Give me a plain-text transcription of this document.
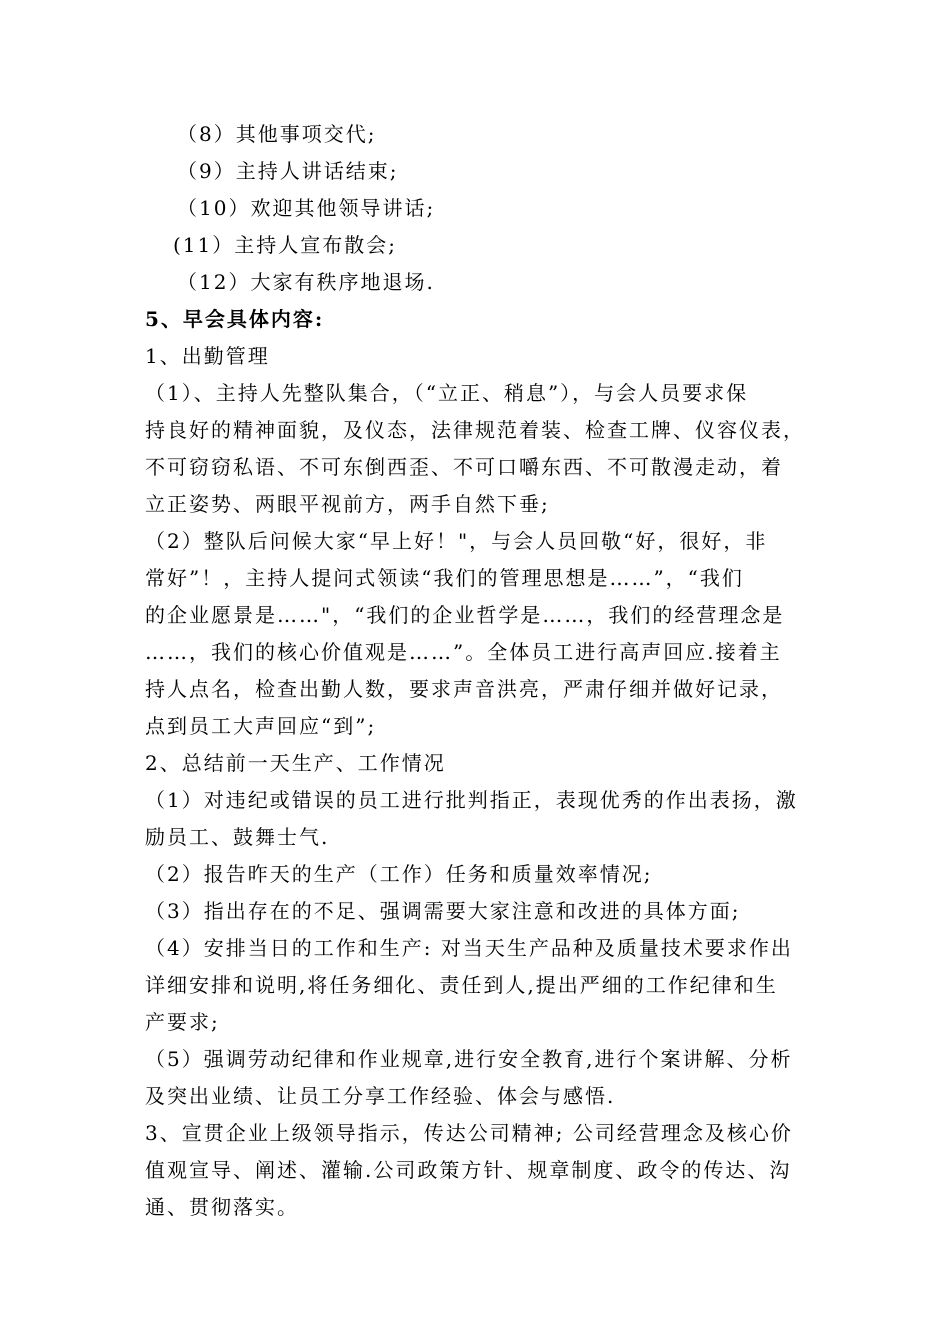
（8）其他事项交代;
（9）主持人讲话结束;
（10）欢迎其他领导讲话;
(11）主持人宣布散会;
（12）大家有秩序地退场.
5、早会具体内容:
1、出勤管理
（1）、主持人先整队集合，（“立正、稍息”），与会人员要求保
持良好的精神面貌，及仪态，法律规范着装、检查工牌、仪容仪表，
不可窃窃私语、不可东倒西歪、不可口嚼东西、不可散漫走动，着
立正姿势、两眼平视前方，两手自然下垂;
（2）整队后问候大家“早上好！"，与会人员回敬“好，很好，非
常好”！，主持人提问式领读“我们的管理思想是……”，“我们
的企业愿景是……"，“我们的企业哲学是……，我们的经营理念是
……，我们的核心价值观是……”。全体员工进行高声回应.接着主
持人点名，检查出勤人数，要求声音洪亮，严肃仔细并做好记录，
点到员工大声回应“到”;
2、总结前一天生产、工作情况
（1）对违纪或错误的员工进行批判指正，表现优秀的作出表扬，激
励员工、鼓舞士气.
（2）报告昨天的生产（工作）任务和质量效率情况;
（3）指出存在的不足、强调需要大家注意和改进的具体方面;
（4）安排当日的工作和生产: 对当天生产品种及质量技术要求作出
详细安排和说明,将任务细化、责任到人,提出严细的工作纪律和生
产要求;
（5）强调劳动纪律和作业规章,进行安全教育,进行个案讲解、分析
及突出业绩、让员工分享工作经验、体会与感悟.
3、宣贯企业上级领导指示，传达公司精神; 公司经营理念及核心价
值观宣导、阐述、灌输.公司政策方针、规章制度、政令的传达、沟
通、贯彻落实。
